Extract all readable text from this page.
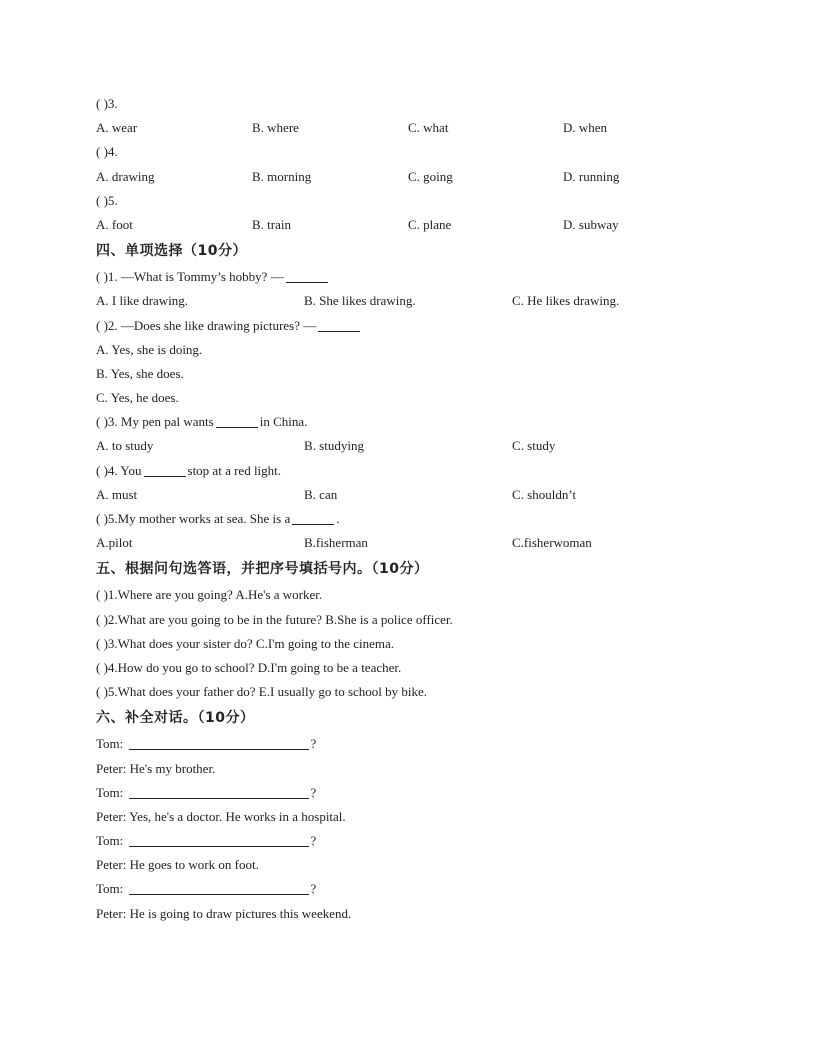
( )3.
A. wear	B. where	C. what	D. when
( )4.
A. drawing	B. morning	C. going	D. running
( )5.
A. foot	B. train	C. plane	D. subway
四、单项选择（10分）
( )1. —What is Tommy’s hobby? —
A. I like drawing.	B. She likes drawing.	C. He likes drawing.
( )2. —Does she like drawing pictures? —
A. Yes, she is doing.
B. Yes, she does.
C. Yes, he does.
( )3. My pen pal wants	in China.
A. to study	B. studying	C. study
( )4. You	stop at a red light.
A. must	B. can	C. shouldn’t
( )5.My mother works at sea. She is a	.
A.pilot	B.fisherman	C.fisherwoman
五、根据问句选答语，并把序号填括号内。（10分）
( )1.Where are you going? A.He's a worker.
( )2.What are you going to be in the future? B.She is a police officer.
( )3.What does your sister do? C.I'm going to the cinema.
( )4.How do you go to school? D.I'm going to be a teacher.
( )5.What does your father do? E.I usually go to school by bike.
六、补全对话。（10分）
Tom:	?
Peter: He's my brother.
Tom:	?
Peter: Yes, he's a doctor. He works in a hospital.
Tom:	?
Peter: He goes to work on foot.
Tom:	?
Peter: He is going to draw pictures this weekend.
